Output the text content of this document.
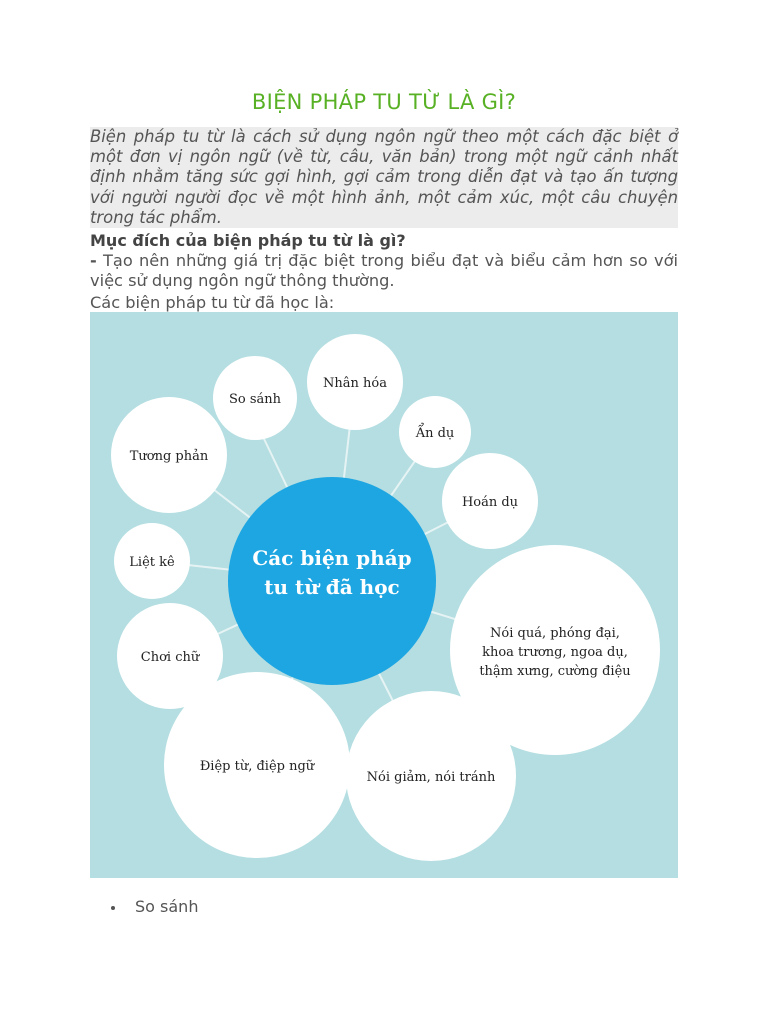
BIỆN PHÁP TU TỪ LÀ GÌ?
Biện pháp tu từ là cách sử dụng ngôn ngữ theo một cách đặc biệt ở một đơn vị ngôn ngữ (về từ, câu, văn bản) trong một ngữ cảnh nhất định nhằm tăng sức gợi hình, gợi cảm trong diễn đạt và tạo ấn tượng với người người đọc về một hình ảnh, một cảm xúc, một câu chuyện trong tác phẩm.
Mục đích của biện pháp tu từ là gì?
- Tạo nên những giá trị đặc biệt trong biểu đạt và biểu cảm hơn so với việc sử dụng ngôn ngữ thông thường.
Các biện pháp tu từ đã học là:
Các biện pháp
tu từ đã học
So sánh
Nhân hóa
Ẩn dụ
Hoán dụ
Tương phản
Liệt kê
Chơi chữ
Nói quá, phóng đại,
khoa trương, ngoa dụ,
thậm xưng, cường điệu
Điệp từ, điệp ngữ
Nói giảm, nói tránh
So sánh
